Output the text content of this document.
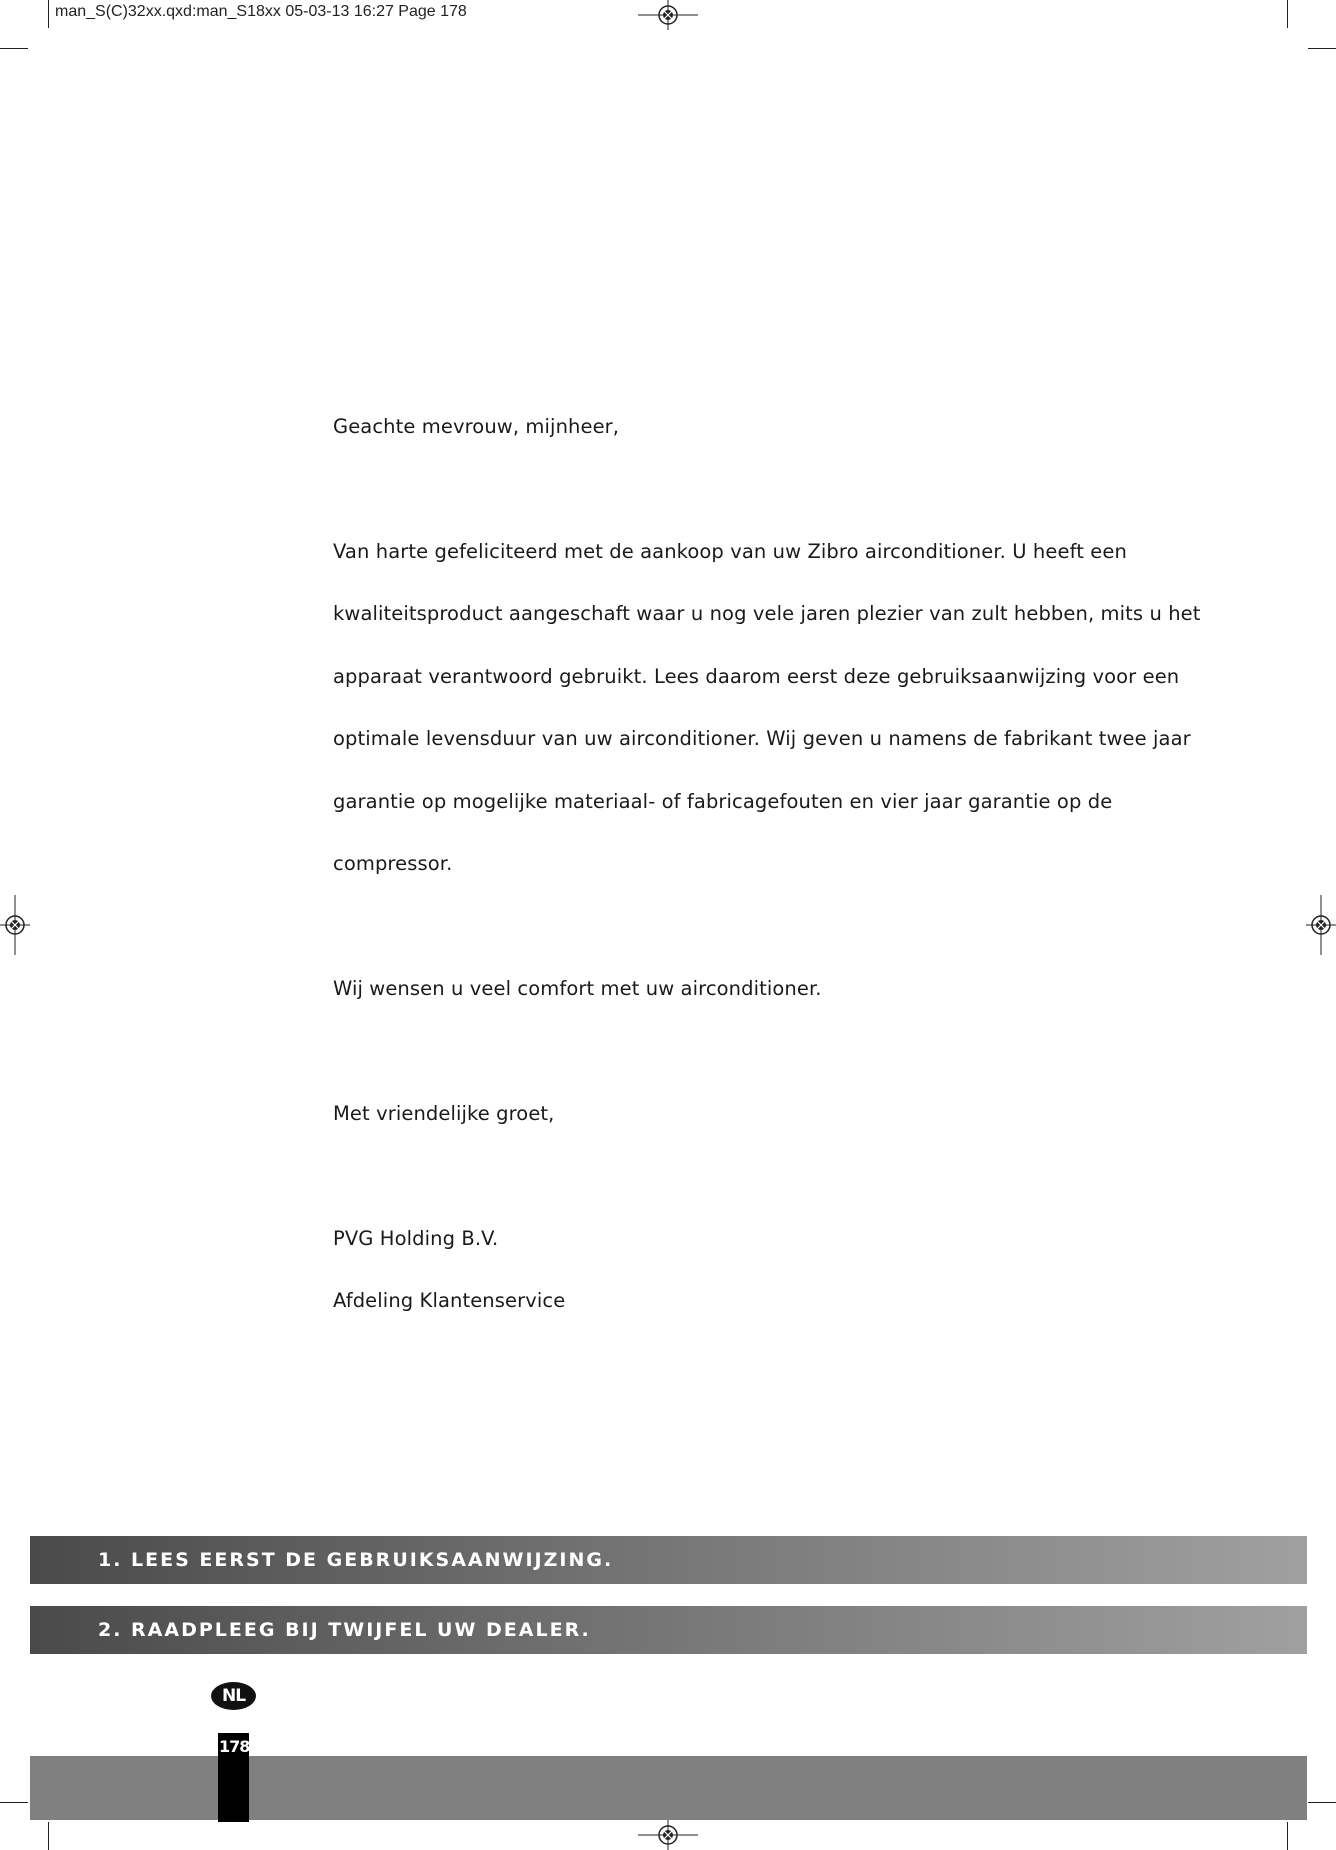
man_S(C)32xx.qxd:man_S18xx 05-03-13 16:27 Page 178

Geachte mevrouw, mijnheer,

Van harte gefeliciteerd met de aankoop van uw Zibro airconditioner. U heeft een

kwaliteitsproduct aangeschaft waar u nog vele jaren plezier van zult hebben, mits u het

apparaat verantwoord gebruikt. Lees daarom eerst deze gebruiksaanwijzing voor een

optimale levensduur van uw airconditioner. Wij geven u namens de fabrikant twee jaar

garantie op mogelijke materiaal- of fabricagefouten en vier jaar garantie op de

compressor.

Wij wensen u veel comfort met uw airconditioner.

Met vriendelijke groet,

PVG Holding B.V.

Afdeling Klantenservice

1. LEES EERST DE GEBRUIKSAANWIJZING.
2. RAADPLEEG BIJ TWIJFEL UW DEALER.
NL
178
